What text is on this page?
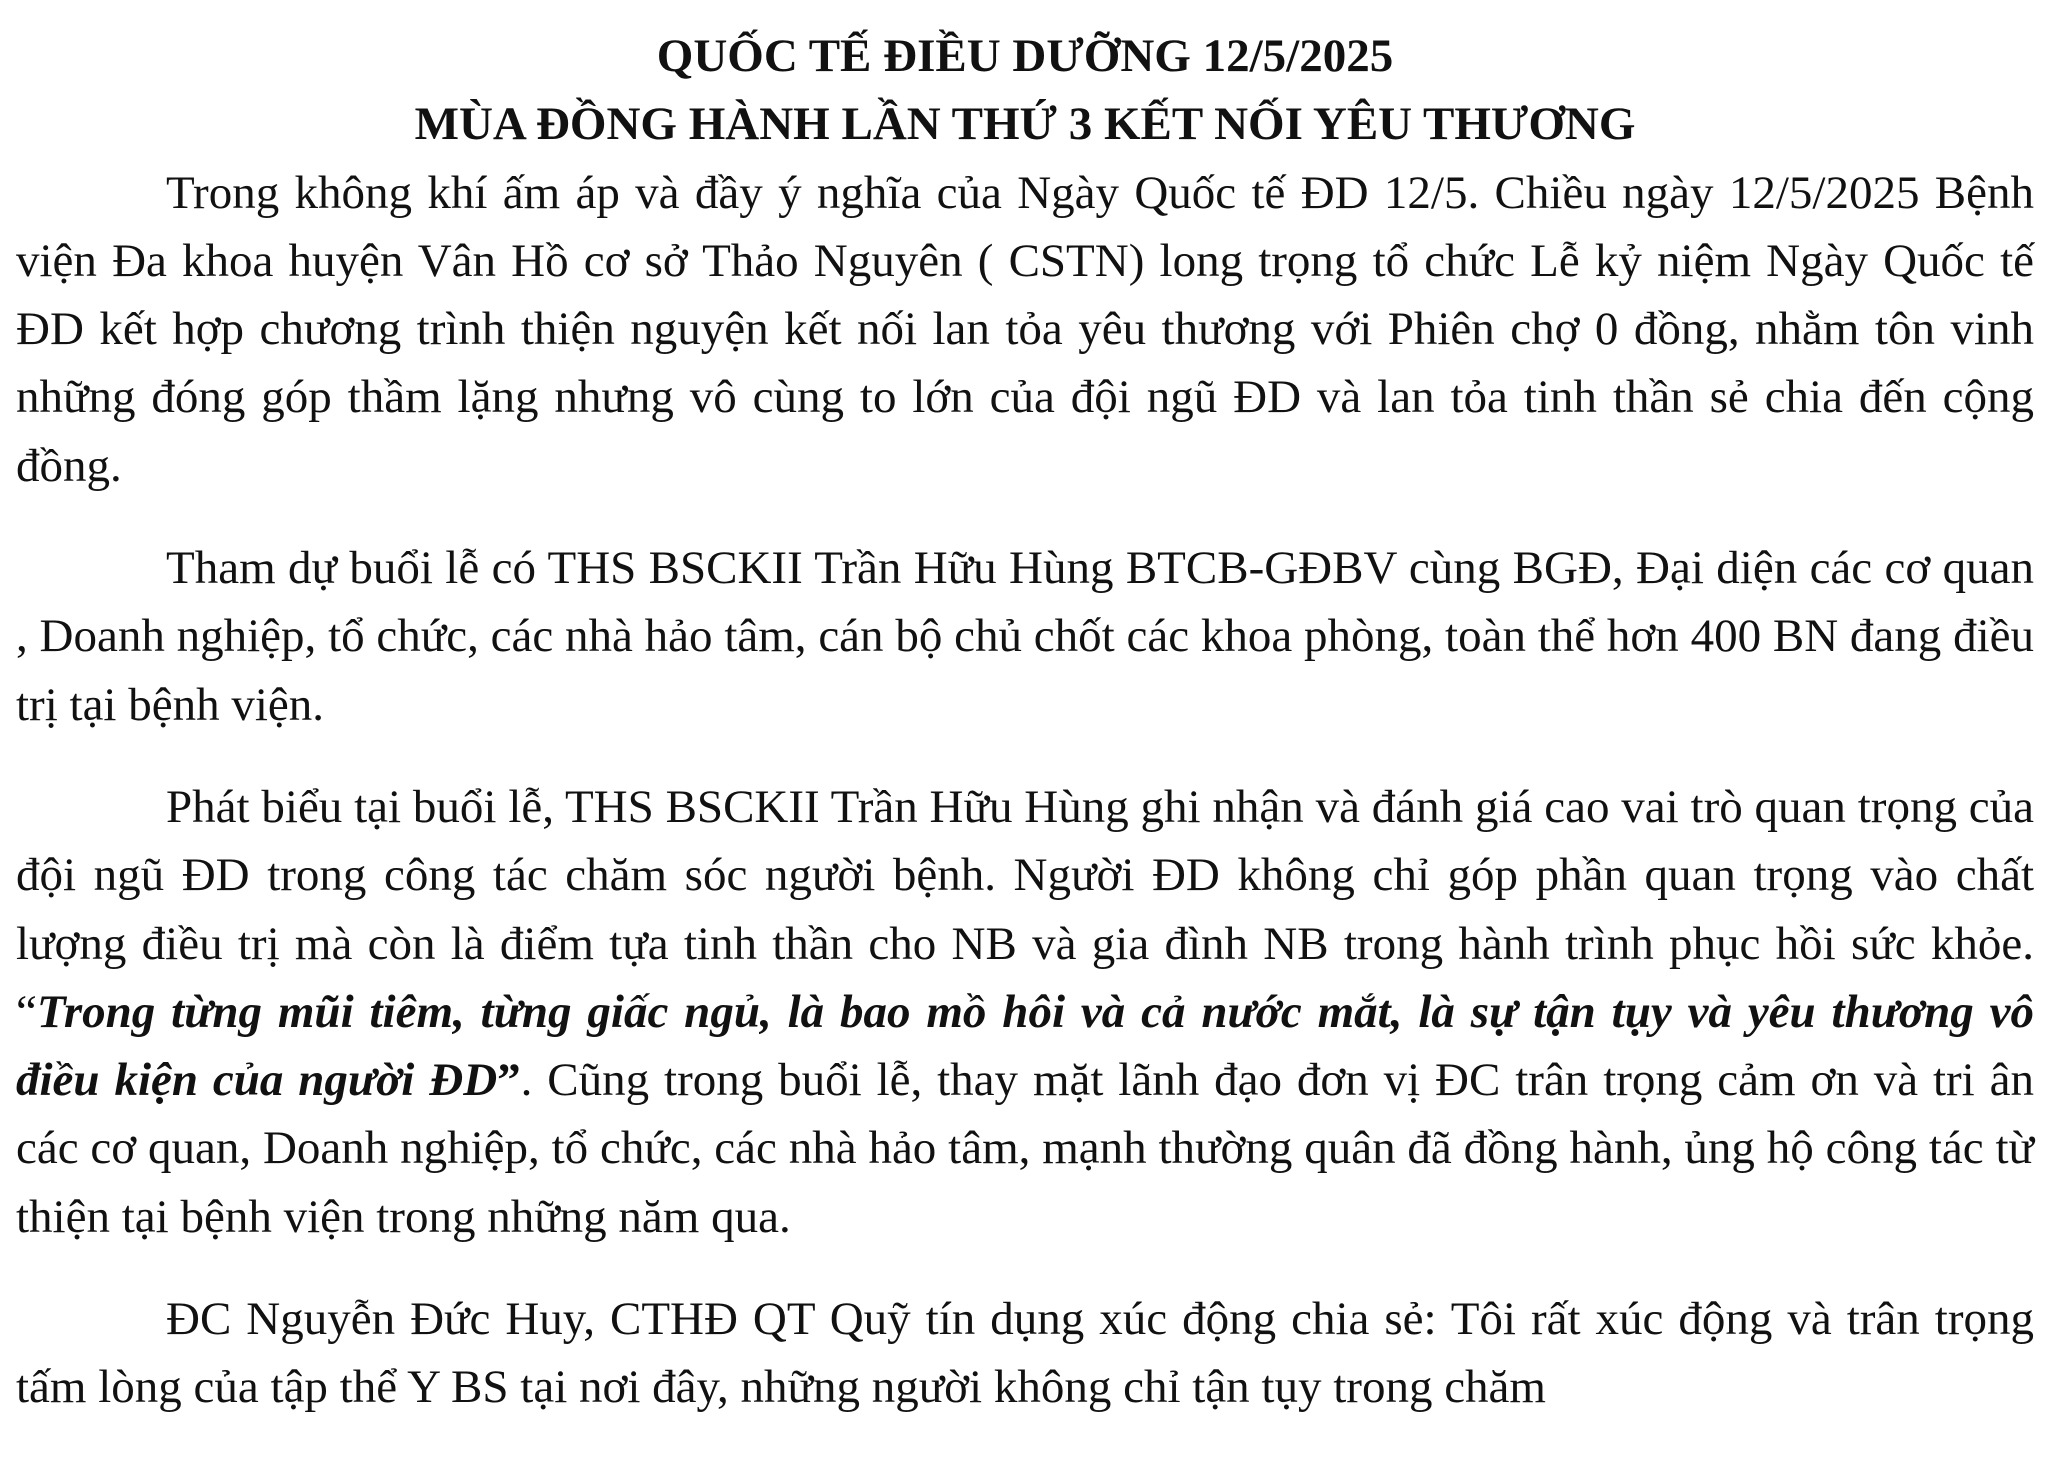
QUỐC TẾ ĐIỀU DƯỠNG 12/5/2025
MÙA ĐỒNG HÀNH LẦN THỨ 3 KẾT NỐI YÊU THƯƠNG

Trong không khí ấm áp và đầy ý nghĩa của Ngày Quốc tế ĐD 12/5. Chiều ngày 12/5/2025 Bệnh viện Đa khoa huyện Vân Hồ cơ sở Thảo Nguyên ( CSTN) long trọng tổ chức Lễ kỷ niệm Ngày Quốc tế ĐD kết hợp chương trình thiện nguyện kết nối lan tỏa yêu thương với Phiên chợ 0 đồng, nhằm tôn vinh những đóng góp thầm lặng nhưng vô cùng to lớn của đội ngũ ĐD và lan tỏa tinh thần sẻ chia đến cộng đồng.

Tham dự buổi lễ có THS BSCKII Trần Hữu Hùng BTCB-GĐBV cùng BGĐ, Đại diện các cơ quan , Doanh nghiệp, tổ chức, các nhà hảo tâm, cán bộ chủ chốt các khoa phòng, toàn thể hơn 400 BN đang điều trị tại bệnh viện.

Phát biểu tại buổi lễ, THS BSCKII Trần Hữu Hùng ghi nhận và đánh giá cao vai trò quan trọng của đội ngũ ĐD trong công tác chăm sóc người bệnh. Người ĐD không chỉ góp phần quan trọng vào chất lượng điều trị mà còn là điểm tựa tinh thần cho NB và gia đình NB trong hành trình phục hồi sức khỏe. “Trong từng mũi tiêm, từng giấc ngủ, là bao mồ hôi và cả nước mắt, là sự tận tụy và yêu thương vô điều kiện của người ĐD”. Cũng trong buổi lễ, thay mặt lãnh đạo đơn vị ĐC trân trọng cảm ơn và tri ân các cơ quan, Doanh nghiệp, tổ chức, các nhà hảo tâm, mạnh thường quân đã đồng hành, ủng hộ công tác từ thiện tại bệnh viện trong những năm qua.

ĐC Nguyễn Đức Huy, CTHĐ QT Quỹ tín dụng xúc động chia sẻ: Tôi rất xúc động và trân trọng tấm lòng của tập thể Y BS tại nơi đây, những người không chỉ tận tụy trong chăm
